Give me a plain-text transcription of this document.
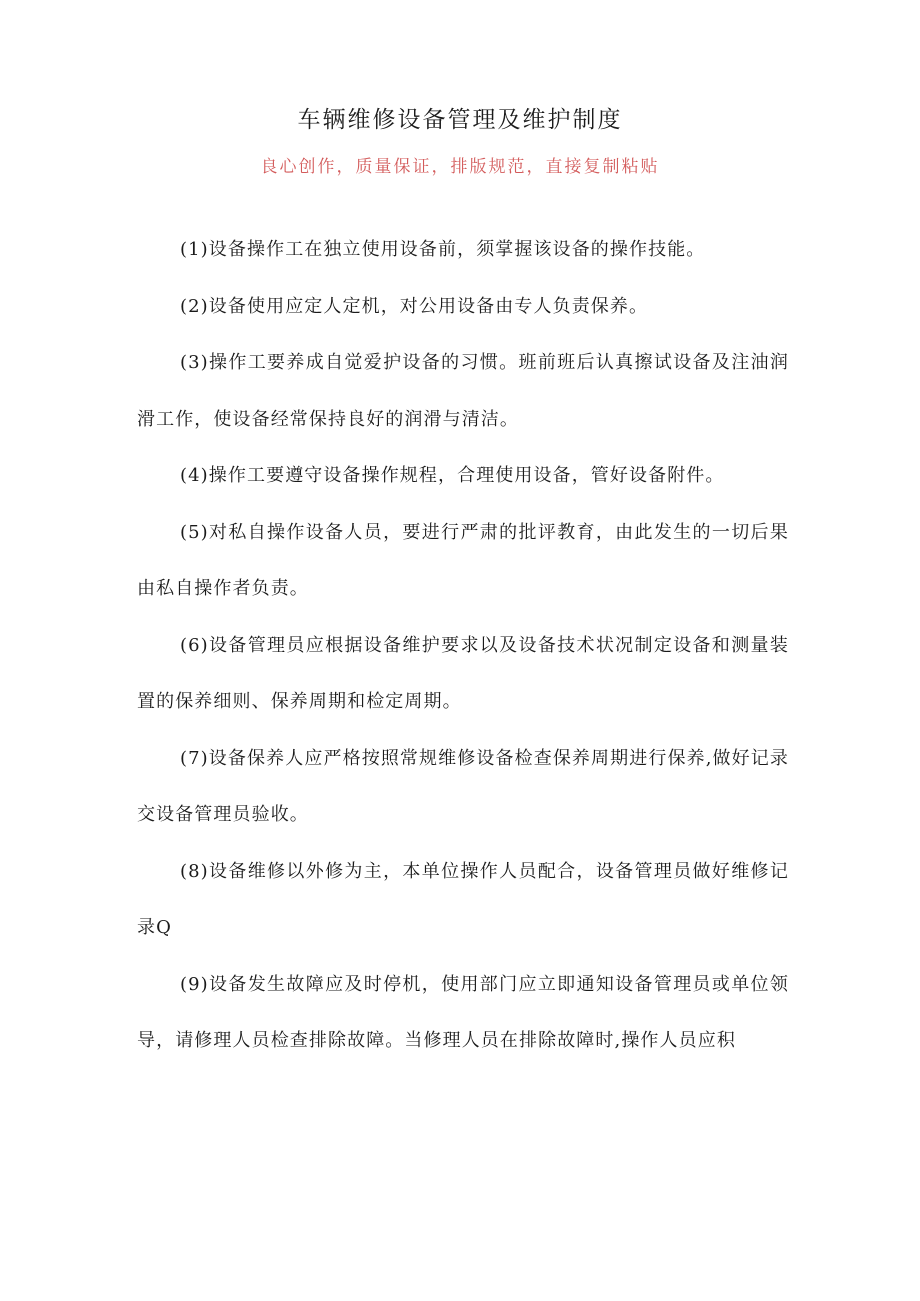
车辆维修设备管理及维护制度

良心创作，质量保证，排版规范，直接复制粘贴

(1)设备操作工在独立使用设备前，须掌握该设备的操作技能。

(2)设备使用应定人定机，对公用设备由专人负责保养。

(3)操作工要养成自觉爱护设备的习惯。班前班后认真擦试设备及注油润滑工作，使设备经常保持良好的润滑与清洁。

(4)操作工要遵守设备操作规程，合理使用设备，管好设备附件。

(5)对私自操作设备人员，要进行严肃的批评教育，由此发生的一切后果由私自操作者负责。

(6)设备管理员应根据设备维护要求以及设备技术状况制定设备和测量装置的保养细则、保养周期和检定周期。

(7)设备保养人应严格按照常规维修设备检查保养周期进行保养,做好记录交设备管理员验收。

(8)设备维修以外修为主，本单位操作人员配合，设备管理员做好维修记录Q

(9)设备发生故障应及时停机，使用部门应立即通知设备管理员或单位领导，请修理人员检查排除故障。当修理人员在排除故障时,操作人员应积
